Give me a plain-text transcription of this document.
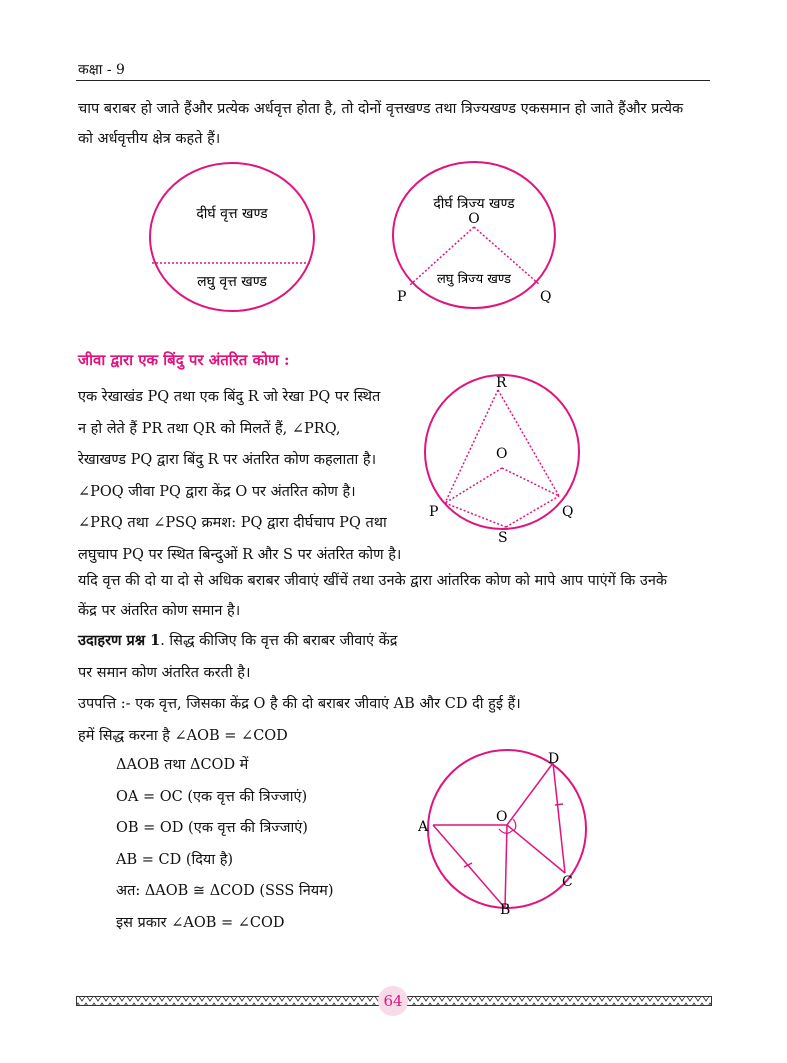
कक्षा - 9
चाप बराबर हो जाते हैंऔर प्रत्येक अर्धवृत्त होता है, तो दोनों वृत्तखण्ड तथा त्रिज्यखण्ड एकसमान हो जाते हैंऔर प्रत्येक
को अर्धवृत्तीय क्षेत्र कहते हैं।
दीर्घ वृत्त खण्ड
लघु वृत्त खण्ड
दीर्घ त्रिज्य खण्ड
O
लघु त्रिज्य खण्ड
P	Q
जीवा द्वारा एक बिंदु पर अंतरित कोण :
एक रेखाखंड PQ तथा एक बिंदु R जो रेखा PQ पर स्थित
न हो लेते हैं PR तथा QR को मिलतें हैं, ∠PRQ,
रेखाखण्ड PQ द्वारा बिंदु R पर अंतरित कोण कहलाता है।
∠POQ जीवा PQ द्वारा केंद्र O पर अंतरित कोण है।
∠PRQ तथा ∠PSQ क्रमश: PQ द्वारा दीर्घचाप PQ तथा
लघुचाप PQ पर स्थित बिन्दुओं R और S पर अंतरित कोण है।
R
O
P	Q
S
यदि वृत्त की दो या दो से अधिक बराबर जीवाएं खींचें तथा उनके द्वारा आंतरिक कोण को मापे आप पाएंगें कि उनके
केंद्र पर अंतरित कोण समान है।
उदाहरण प्रश्न 1. सिद्ध कीजिए कि वृत्त की बराबर जीवाएं केंद्र
पर समान कोण अंतरित करती है।
उपपत्ति :- एक वृत्त, जिसका केंद्र O है की दो बराबर जीवाएं AB और CD दी हुई हैं।
हमें सिद्ध करना है ∠AOB = ∠COD
ΔAOB तथा ΔCOD में
OA = OC (एक वृत्त की त्रिज्जाएं)
OB = OD (एक वृत्त की त्रिज्जाएं)
AB = CD (दिया है)
अत: ΔAOB ≅ ΔCOD (SSS नियम)
इस प्रकार ∠AOB = ∠COD
A
O
D
C
B
64
